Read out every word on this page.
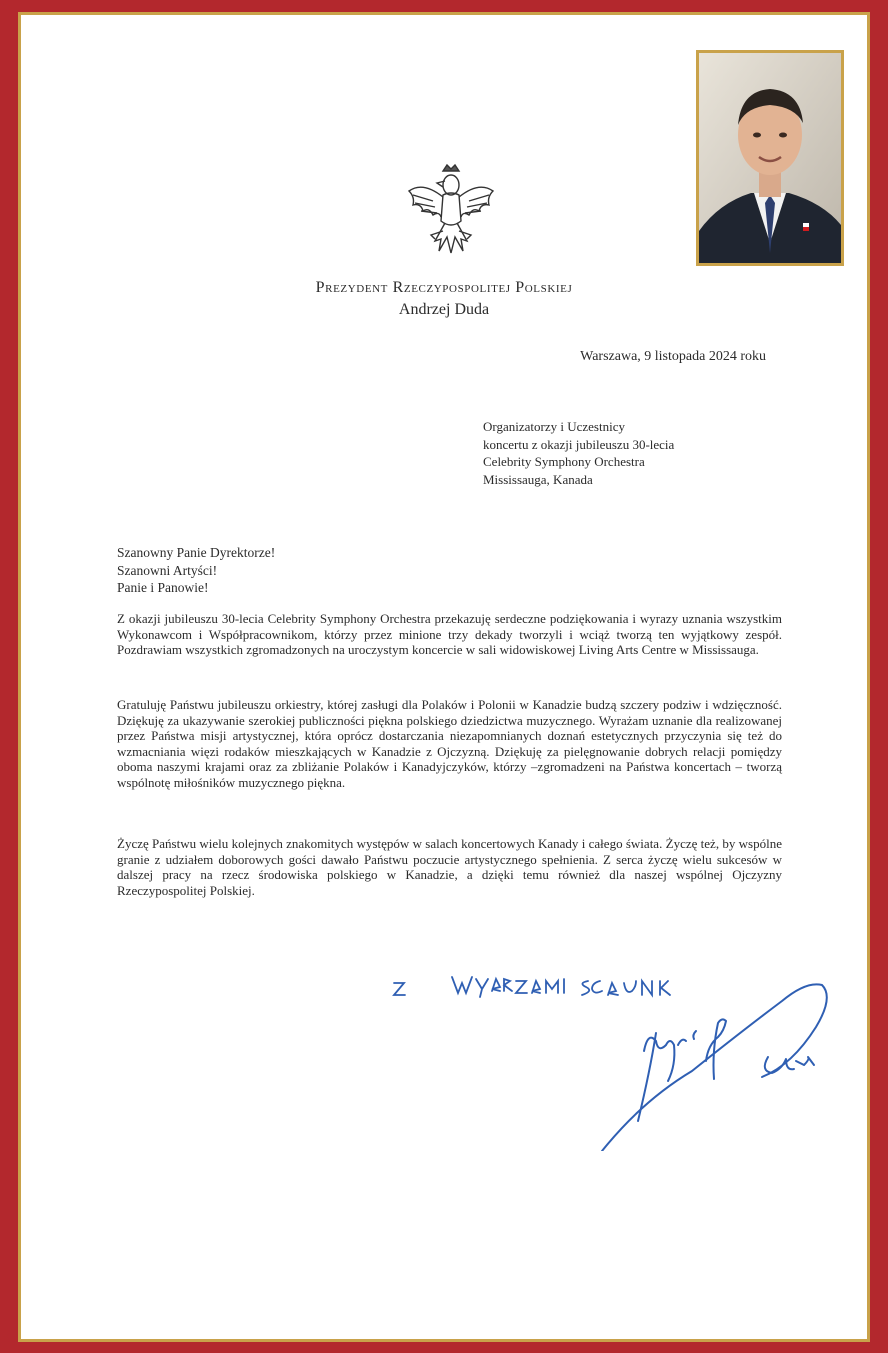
Prezydent Rzeczypospolitej Polskiej
Andrzej Duda
Warszawa, 9 listopada 2024 roku
Organizatorzy i Uczestnicy
koncertu z okazji jubileuszu 30-lecia
Celebrity Symphony Orchestra
Mississauga, Kanada
Szanowny Panie Dyrektorze!
Szanowni Artyści!
Panie i Panowie!

Z okazji jubileuszu 30-lecia Celebrity Symphony Orchestra przekazuję serdeczne podziękowania i wyrazy uznania wszystkim Wykonawcom i Współpracownikom, którzy przez minione trzy dekady tworzyli i wciąż tworzą ten wyjątkowy zespół. Pozdrawiam wszystkich zgromadzonych na uroczystym koncercie w sali widowiskowej Living Arts Centre w Mississauga.

Gratuluję Państwu jubileuszu orkiestry, której zasługi dla Polaków i Polonii w Kanadzie budzą szczery podziw i wdzięczność. Dziękuję za ukazywanie szerokiej publiczności piękna polskiego dziedzictwa muzycznego. Wyrażam uznanie dla realizowanej przez Państwa misji artystycznej, która oprócz dostarczania niezapomnianych doznań estetycznych przyczynia się też do wzmacniania więzi rodaków mieszkających w Kanadzie z Ojczyzną. Dziękuję za pielęgnowanie dobrych relacji pomiędzy oboma naszymi krajami oraz za zbliżanie Polaków i Kanadyjczyków, którzy –zgromadzeni na Państwa koncertach – tworzą wspólnotę miłośników muzycznego piękna.

Życzę Państwu wielu kolejnych znakomitych występów w salach koncertowych Kanady i całego świata. Życzę też, by wspólne granie z udziałem doborowych gości dawało Państwu poczucie artystycznego spełnienia. Z serca życzę wielu sukcesów w dalszej pracy na rzecz środowiska polskiego w Kanadzie, a dzięki temu również dla naszej wspólnej Ojczyzny Rzeczypospolitej Polskiej.
